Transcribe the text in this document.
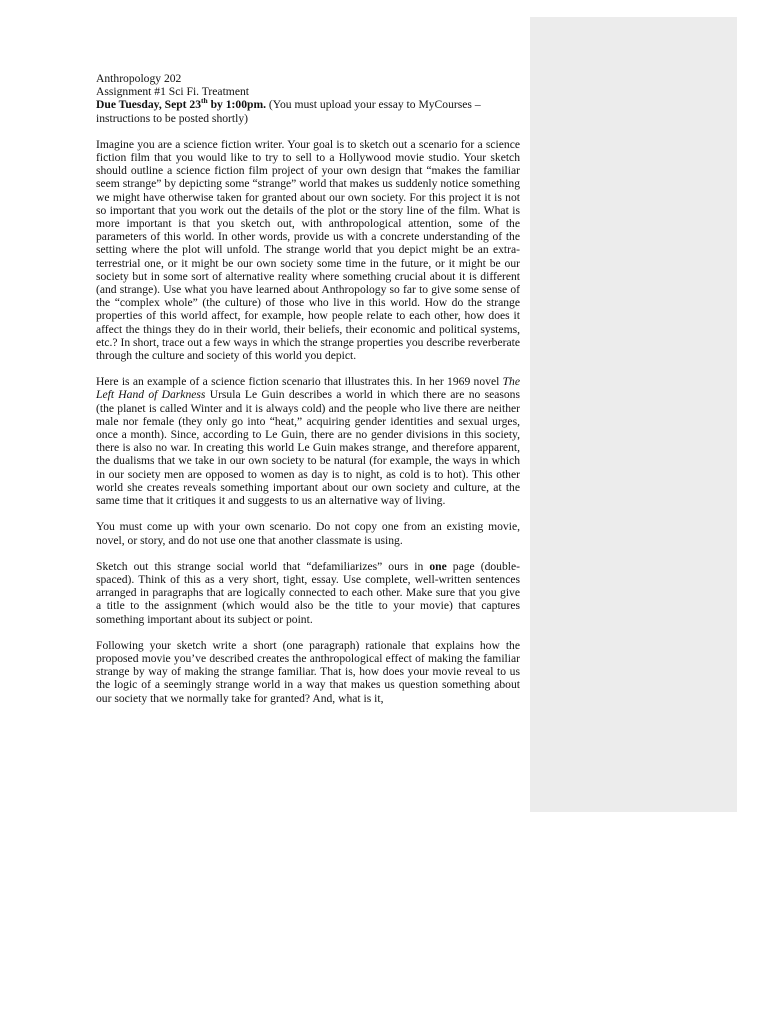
Anthropology 202

Assignment #1 Sci Fi. Treatment

Due Tuesday, Sept 23th by 1:00pm. (You must upload your essay to MyCourses – instructions to be posted shortly)

Imagine you are a science fiction writer. Your goal is to sketch out a scenario for a science fiction film that you would like to try to sell to a Hollywood movie studio. Your sketch should outline a science fiction film project of your own design that “makes the familiar seem strange” by depicting some “strange” world that makes us suddenly notice something we might have otherwise taken for granted about our own society. For this project it is not so important that you work out the details of the plot or the story line of the film. What is more important is that you sketch out, with anthropological attention, some of the parameters of this world. In other words, provide us with a concrete understanding of the setting where the plot will unfold. The strange world that you depict might be an extra-terrestrial one, or it might be our own society some time in the future, or it might be our society but in some sort of alternative reality where something crucial about it is different (and strange). Use what you have learned about Anthropology so far to give some sense of the “complex whole” (the culture) of those who live in this world. How do the strange properties of this world affect, for example, how people relate to each other, how does it affect the things they do in their world, their beliefs, their economic and political systems, etc.? In short, trace out a few ways in which the strange properties you describe reverberate through the culture and society of this world you depict.

Here is an example of a science fiction scenario that illustrates this. In her 1969 novel The Left Hand of Darkness Ursula Le Guin describes a world in which there are no seasons (the planet is called Winter and it is always cold) and the people who live there are neither male nor female (they only go into “heat,” acquiring gender identities and sexual urges, once a month). Since, according to Le Guin, there are no gender divisions in this society, there is also no war. In creating this world Le Guin makes strange, and therefore apparent, the dualisms that we take in our own society to be natural (for example, the ways in which in our society men are opposed to women as day is to night, as cold is to hot). This other world she creates reveals something important about our own society and culture, at the same time that it critiques it and suggests to us an alternative way of living.

You must come up with your own scenario. Do not copy one from an existing movie, novel, or story, and do not use one that another classmate is using.

Sketch out this strange social world that “defamiliarizes” ours in one page (double-spaced). Think of this as a very short, tight, essay. Use complete, well-written sentences arranged in paragraphs that are logically connected to each other. Make sure that you give a title to the assignment (which would also be the title to your movie) that captures something important about its subject or point.

Following your sketch write a short (one paragraph) rationale that explains how the proposed movie you’ve described creates the anthropological effect of making the familiar strange by way of making the strange familiar. That is, how does your movie reveal to us the logic of a seemingly strange world in a way that makes us question something about our society that we normally take for granted? And, what is it,
